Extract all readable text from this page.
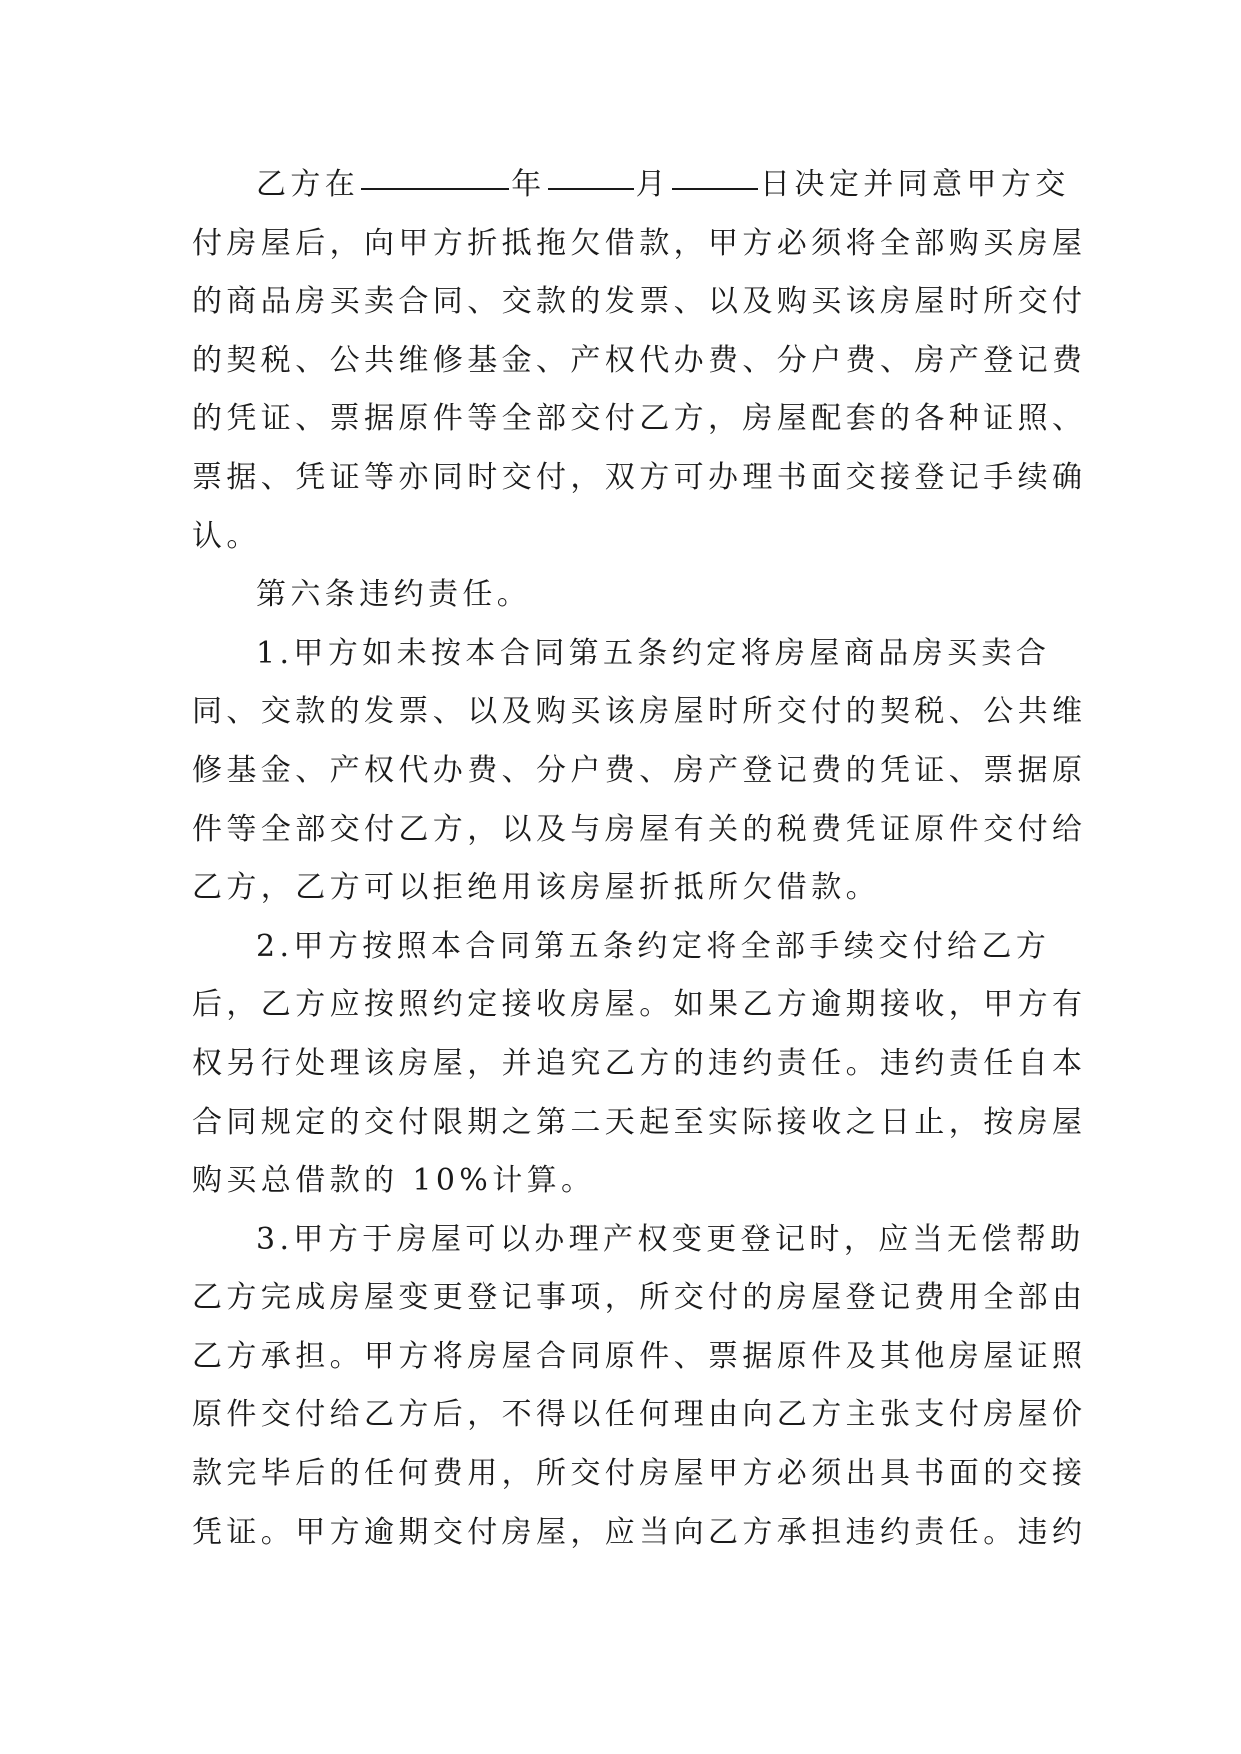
乙方在	年	月	日决定并同意甲方交
付房屋后，向甲方折抵拖欠借款，甲方必须将全部购买房屋
的商品房买卖合同、交款的发票、以及购买该房屋时所交付
的契税、公共维修基金、产权代办费、分户费、房产登记费
的凭证、票据原件等全部交付乙方，房屋配套的各种证照、
票据、凭证等亦同时交付，双方可办理书面交接登记手续确
认。
第六条违约责任。
1.甲方如未按本合同第五条约定将房屋商品房买卖合
同、交款的发票、以及购买该房屋时所交付的契税、公共维
修基金、产权代办费、分户费、房产登记费的凭证、票据原
件等全部交付乙方，以及与房屋有关的税费凭证原件交付给
乙方，乙方可以拒绝用该房屋折抵所欠借款。
2.甲方按照本合同第五条约定将全部手续交付给乙方
后，乙方应按照约定接收房屋。如果乙方逾期接收，甲方有
权另行处理该房屋，并追究乙方的违约责任。违约责任自本
合同规定的交付限期之第二天起至实际接收之日止，按房屋
购买总借款的 10%计算。
3.甲方于房屋可以办理产权变更登记时，应当无偿帮助
乙方完成房屋变更登记事项，所交付的房屋登记费用全部由
乙方承担。甲方将房屋合同原件、票据原件及其他房屋证照
原件交付给乙方后，不得以任何理由向乙方主张支付房屋价
款完毕后的任何费用，所交付房屋甲方必须出具书面的交接
凭证。甲方逾期交付房屋，应当向乙方承担违约责任。违约
